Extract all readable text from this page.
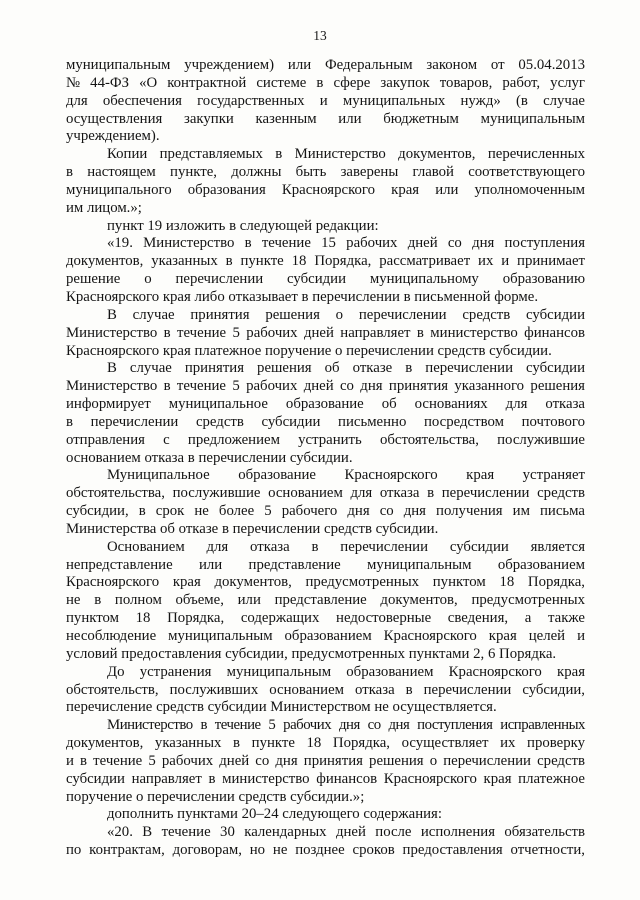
13
муниципальным учреждением) или Федеральным законом от 05.04.2013
№ 44-ФЗ «О контрактной системе в сфере закупок товаров, работ, услуг
для обеспечения государственных и муниципальных нужд» (в случае
осуществления закупки казенным или бюджетным муниципальным
учреждением).
Копии представляемых в Министерство документов, перечисленных
в настоящем пункте, должны быть заверены главой соответствующего
муниципального образования Красноярского края или уполномоченным
им лицом.»;
пункт 19 изложить в следующей редакции:
«19. Министерство в течение 15 рабочих дней со дня поступления
документов, указанных в пункте 18 Порядка, рассматривает их и принимает
решение о перечислении субсидии муниципальному образованию
Красноярского края либо отказывает в перечислении в письменной форме.
В случае принятия решения о перечислении средств субсидии
Министерство в течение 5 рабочих дней направляет в министерство финансов
Красноярского края платежное поручение о перечислении средств субсидии.
В случае принятия решения об отказе в перечислении субсидии
Министерство в течение 5 рабочих дней со дня принятия указанного решения
информирует муниципальное образование об основаниях для отказа
в перечислении средств субсидии письменно посредством почтового
отправления с предложением устранить обстоятельства, послужившие
основанием отказа в перечислении субсидии.
Муниципальное образование Красноярского края устраняет
обстоятельства, послужившие основанием для отказа в перечислении средств
субсидии, в срок не более 5 рабочего дня со дня получения им письма
Министерства об отказе в перечислении средств субсидии.
Основанием для отказа в перечислении субсидии является
непредставление или представление муниципальным образованием
Красноярского края документов, предусмотренных пунктом 18 Порядка,
не в полном объеме, или представление документов, предусмотренных
пунктом 18 Порядка, содержащих недостоверные сведения, а также
несоблюдение муниципальным образованием Красноярского края целей и
условий предоставления субсидии, предусмотренных пунктами 2, 6 Порядка.
До устранения муниципальным образованием Красноярского края
обстоятельств, послуживших основанием отказа в перечислении субсидии,
перечисление средств субсидии Министерством не осуществляется.
Министерство в течение 5 рабочих дня со дня поступления исправленных
документов, указанных в пункте 18 Порядка, осуществляет их проверку
и в течение 5 рабочих дней со дня принятия решения о перечислении средств
субсидии направляет в министерство финансов Красноярского края платежное
поручение о перечислении средств субсидии.»;
дополнить пунктами 20–24 следующего содержания:
«20. В течение 30 календарных дней после исполнения обязательств
по контрактам, договорам, но не позднее сроков предоставления отчетности,
